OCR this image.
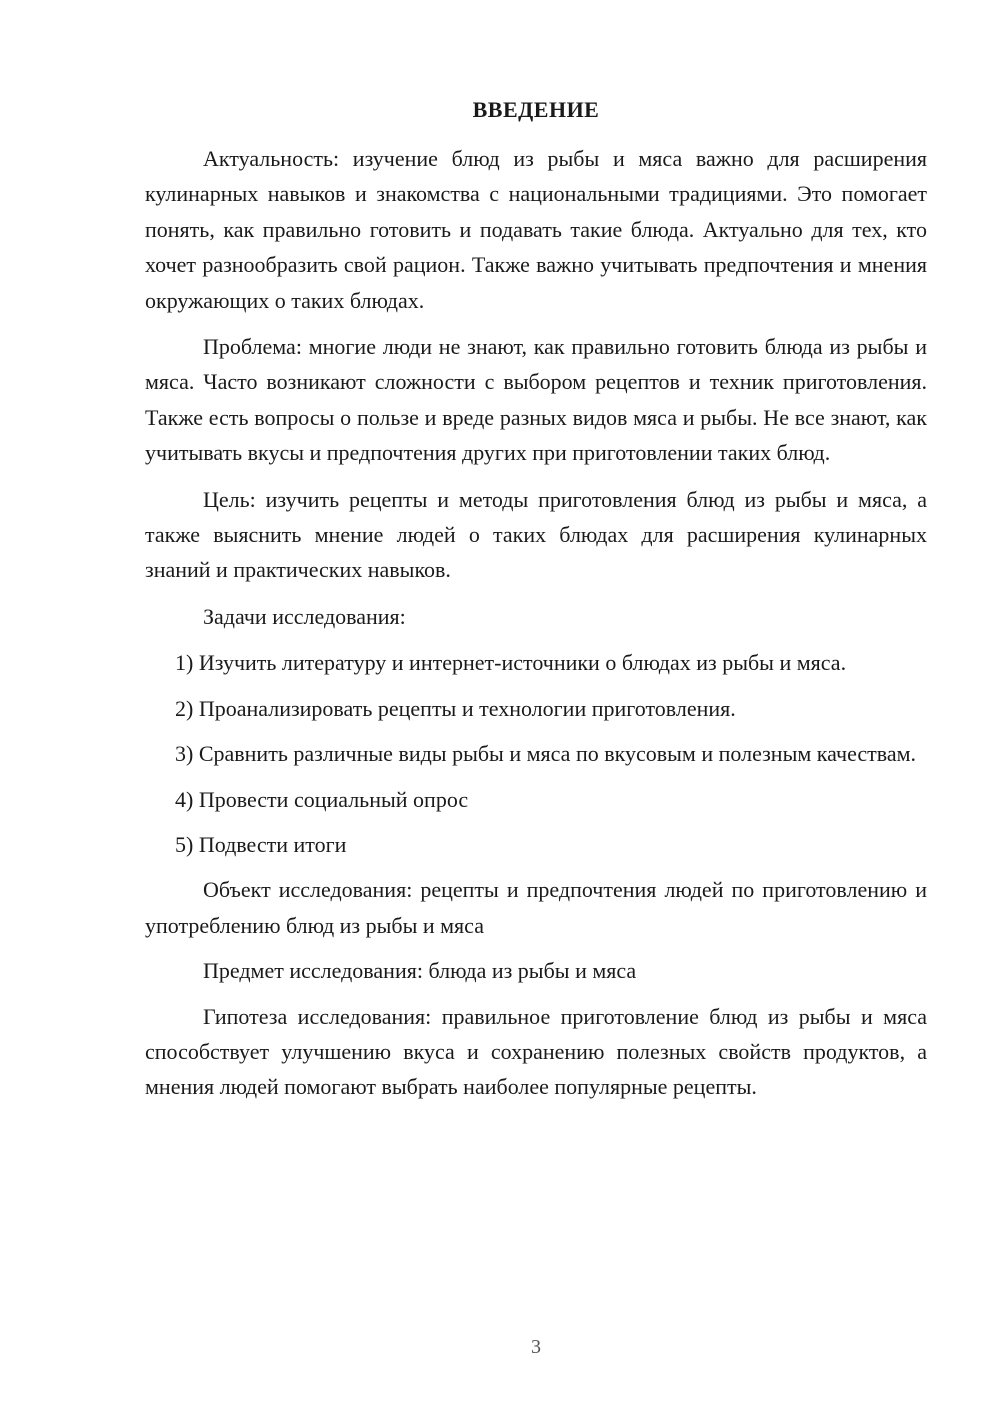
ВВЕДЕНИЕ

Актуальность: изучение блюд из рыбы и мяса важно для расширения кулинарных навыков и знакомства с национальными традициями. Это помогает понять, как правильно готовить и подавать такие блюда. Актуально для тех, кто хочет разнообразить свой рацион. Также важно учитывать предпочтения и мнения окружающих о таких блюдах.

Проблема: многие люди не знают, как правильно готовить блюда из рыбы и мяса. Часто возникают сложности с выбором рецептов и техник приготовления. Также есть вопросы о пользе и вреде разных видов мяса и рыбы. Не все знают, как учитывать вкусы и предпочтения других при приготовлении таких блюд.

Цель: изучить рецепты и методы приготовления блюд из рыбы и мяса, а также выяснить мнение людей о таких блюдах для расширения кулинарных знаний и практических навыков.

Задачи исследования:

1) Изучить литературу и интернет-источники о блюдах из рыбы и мяса.

2) Проанализировать рецепты и технологии приготовления.

3) Сравнить различные виды рыбы и мяса по вкусовым и полезным качествам.

4) Провести социальный опрос

5) Подвести итоги

Объект исследования: рецепты и предпочтения людей по приготовлению и употреблению блюд из рыбы и мяса

Предмет исследования: блюда из рыбы и мяса

Гипотеза исследования: правильное приготовление блюд из рыбы и мяса способствует улучшению вкуса и сохранению полезных свойств продуктов, а мнения людей помогают выбрать наиболее популярные рецепты.

3
